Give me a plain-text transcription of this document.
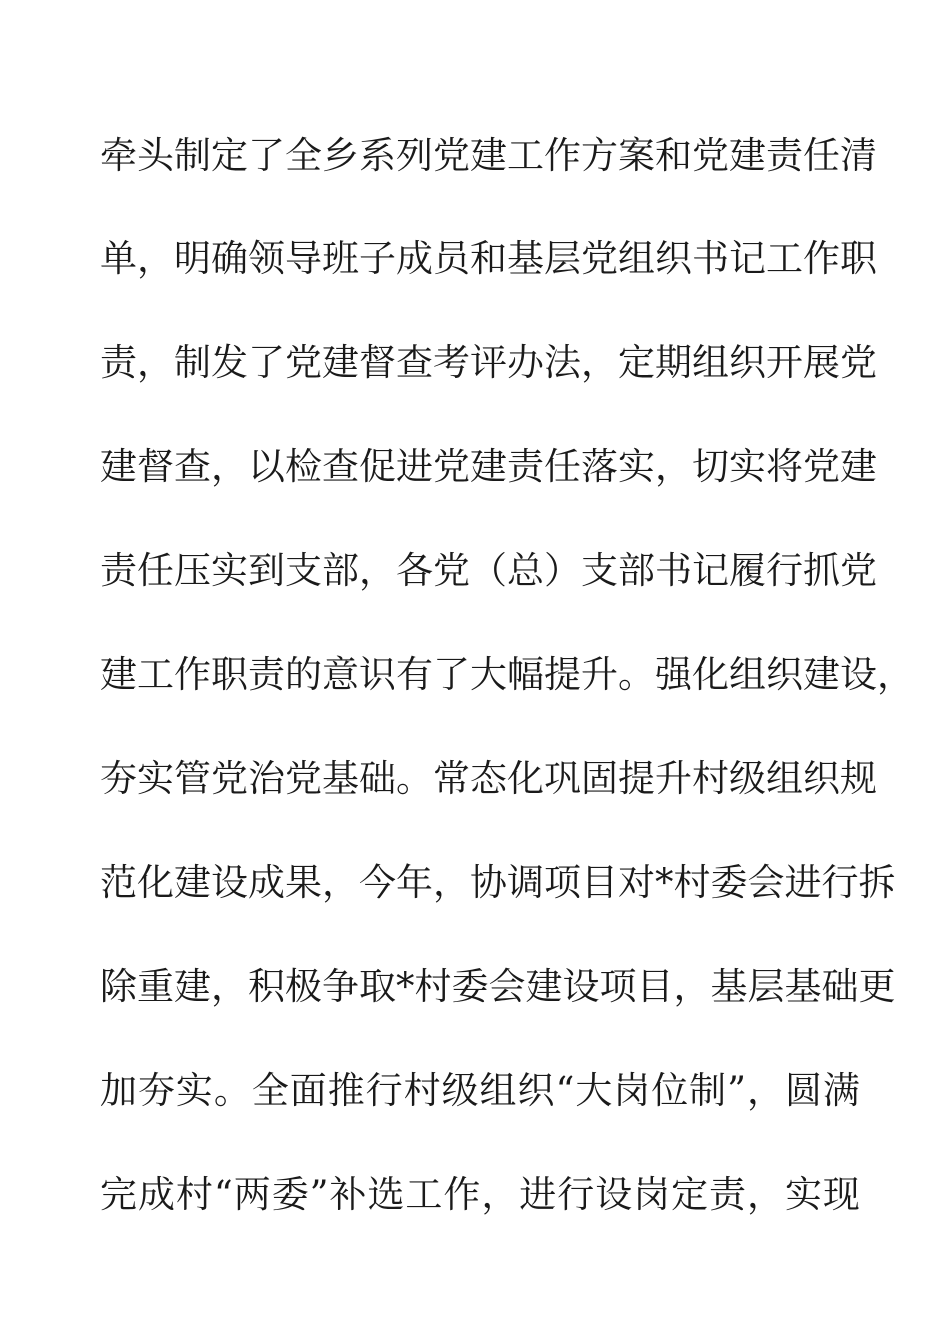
牵 头 制 定 了 全 乡 系 列 党 建 工 作 方 案 和 党 建 责 任 清
单 ， 明 确 领 导 班 子 成 员 和 基 层 党 组 织 书 记 工 作 职
责 ， 制 发 了 党 建 督 查 考 评 办 法 ， 定 期 组 织 开 展 党
建 督 查 ， 以 检 查 促 进 党 建 责 任 落 实 ， 切 实 将 党 建
责 任 压 实 到 支 部 ， 各 党 （ 总 ） 支 部 书 记 履 行 抓 党
建 工 作 职 责 的 意 识 有 了 大 幅 提 升 。 强 化 组 织 建 设 ，
夯 实 管 党 治 党 基 础 。 常 态 化 巩 固 提 升 村 级 组 织 规
范 化 建 设 成 果 ， 今 年 ， 协 调 项 目 对 * 村 委 会 进 行 拆
除 重 建 ， 积 极 争 取 * 村 委 会 建 设 项 目 ， 基 层 基 础 更
加 夯 实 。 全 面 推 行 村 级 组 织 “ 大 岗 位 制 ” ， 圆 满
完 成 村 “ 两 委 ” 补 选 工 作 ， 进 行 设 岗 定 责 ， 实 现
